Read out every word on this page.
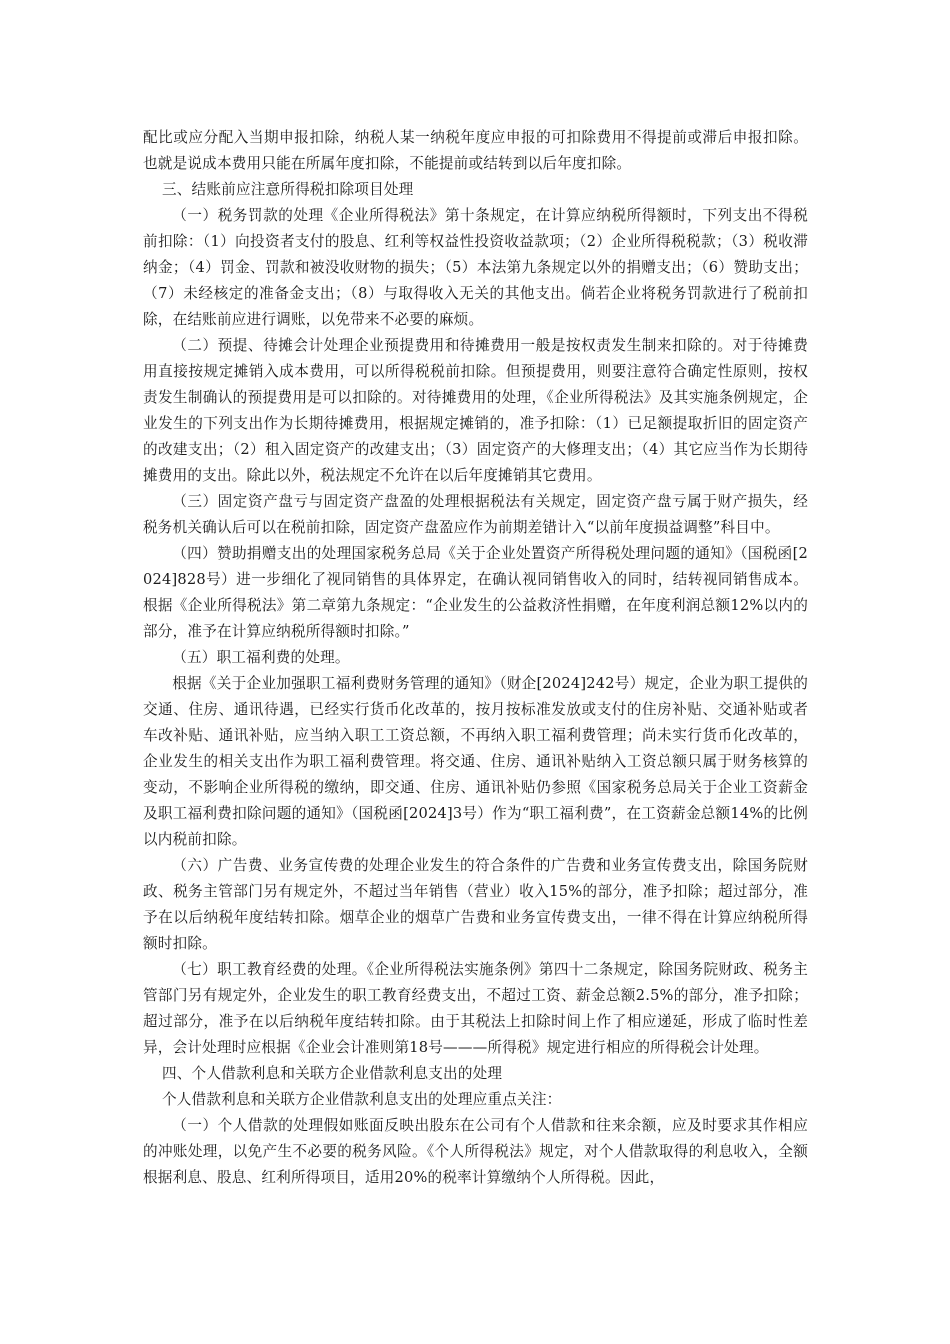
配比或应分配入当期申报扣除，纳税人某一纳税年度应申报的可扣除费用不得提前或滞后申报扣除。也就是说成本费用只能在所属年度扣除，不能提前或结转到以后年度扣除。

三、结账前应注意所得税扣除项目处理

（一）税务罚款的处理《企业所得税法》第十条规定，在计算应纳税所得额时，下列支出不得税前扣除：（1）向投资者支付的股息、红利等权益性投资收益款项；（2）企业所得税税款；（3）税收滞纳金；（4）罚金、罚款和被没收财物的损失；（5）本法第九条规定以外的捐赠支出；（6）赞助支出；（7）未经核定的准备金支出；（8）与取得收入无关的其他支出。倘若企业将税务罚款进行了税前扣除，在结账前应进行调账，以免带来不必要的麻烦。

（二）预提、待摊会计处理企业预提费用和待摊费用一般是按权责发生制来扣除的。对于待摊费用直接按规定摊销入成本费用，可以所得税税前扣除。但预提费用，则要注意符合确定性原则，按权责发生制确认的预提费用是可以扣除的。对待摊费用的处理，《企业所得税法》及其实施条例规定，企业发生的下列支出作为长期待摊费用，根据规定摊销的，准予扣除：（1）已足额提取折旧的固定资产的改建支出；（2）租入固定资产的改建支出；（3）固定资产的大修理支出；（4）其它应当作为长期待摊费用的支出。除此以外，税法规定不允许在以后年度摊销其它费用。

（三）固定资产盘亏与固定资产盘盈的处理根据税法有关规定，固定资产盘亏属于财产损失，经税务机关确认后可以在税前扣除，固定资产盘盈应作为前期差错计入“以前年度损益调整”科目中。

（四）赞助捐赠支出的处理国家税务总局《关于企业处置资产所得税处理问题的通知》（国税函[2024]828号）进一步细化了视同销售的具体界定，在确认视同销售收入的同时，结转视同销售成本。根据《企业所得税法》第二章第九条规定：“企业发生的公益救济性捐赠，在年度利润总额12%以内的部分，准予在计算应纳税所得额时扣除。”

（五）职工福利费的处理。

根据《关于企业加强职工福利费财务管理的通知》（财企[2024]242号）规定，企业为职工提供的交通、住房、通讯待遇，已经实行货币化改革的，按月按标准发放或支付的住房补贴、交通补贴或者车改补贴、通讯补贴，应当纳入职工工资总额，不再纳入职工福利费管理；尚未实行货币化改革的，企业发生的相关支出作为职工福利费管理。将交通、住房、通讯补贴纳入工资总额只属于财务核算的变动，不影响企业所得税的缴纳，即交通、住房、通讯补贴仍参照《国家税务总局关于企业工资薪金及职工福利费扣除问题的通知》（国税函[2024]3号）作为“职工福利费”，在工资薪金总额14%的比例以内税前扣除。

（六）广告费、业务宣传费的处理企业发生的符合条件的广告费和业务宣传费支出，除国务院财政、税务主管部门另有规定外，不超过当年销售（营业）收入15%的部分，准予扣除；超过部分，准予在以后纳税年度结转扣除。烟草企业的烟草广告费和业务宣传费支出，一律不得在计算应纳税所得额时扣除。

（七）职工教育经费的处理。《企业所得税法实施条例》第四十二条规定，除国务院财政、税务主管部门另有规定外，企业发生的职工教育经费支出，不超过工资、薪金总额2.5%的部分，准予扣除；超过部分，准予在以后纳税年度结转扣除。由于其税法上扣除时间上作了相应递延，形成了临时性差异，会计处理时应根据《企业会计准则第18号———所得税》规定进行相应的所得税会计处理。

四、个人借款利息和关联方企业借款利息支出的处理

个人借款利息和关联方企业借款利息支出的处理应重点关注：

（一）个人借款的处理假如账面反映出股东在公司有个人借款和往来余额，应及时要求其作相应的冲账处理，以免产生不必要的税务风险。《个人所得税法》规定，对个人借款取得的利息收入，全额根据利息、股息、红利所得项目，适用20%的税率计算缴纳个人所得税。因此，
